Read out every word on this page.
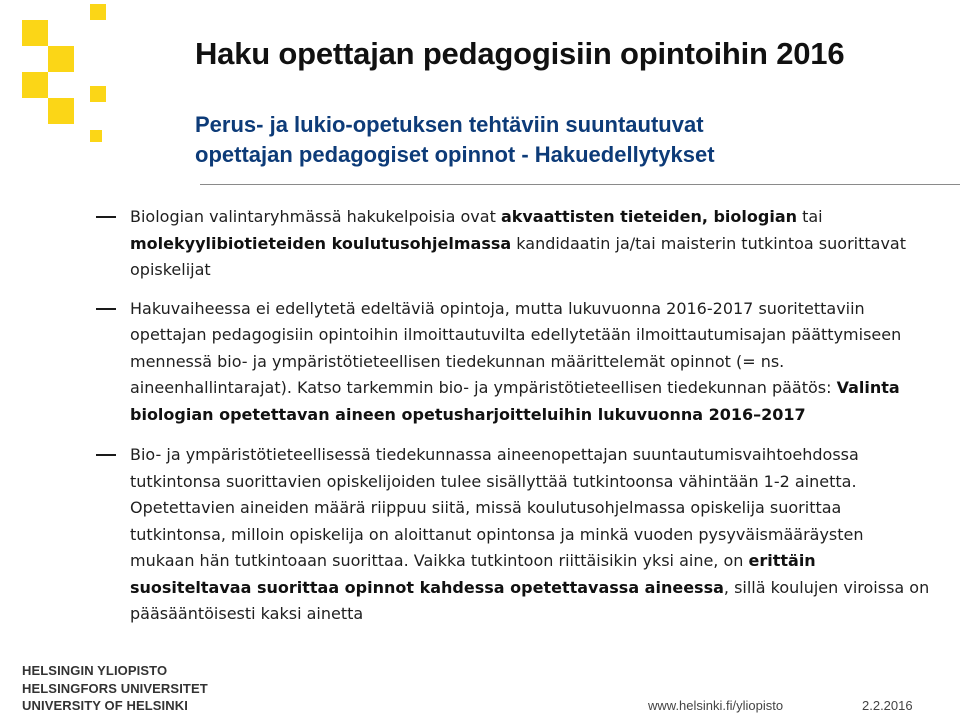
Haku opettajan pedagogisiin opintoihin 2016
Perus- ja lukio-opetuksen tehtäviin suuntautuvat
opettajan pedagogiset opinnot - Hakuedellytykset
Biologian valintaryhmässä hakukelpoisia ovat akvaattisten tieteiden, biologian tai molekyylibiotieteiden koulutusohjelmassa kandidaatin ja/tai maisterin tutkintoa suorittavat opiskelijat
Hakuvaiheessa ei edellytetä edeltäviä opintoja, mutta lukuvuonna 2016-2017 suoritettaviin opettajan pedagogisiin opintoihin ilmoittautuvilta edellytetään ilmoittautumisajan päättymiseen mennessä bio- ja ympäristötieteellisen tiedekunnan määrittelemät opinnot (= ns. aineenhallintarajat). Katso tarkemmin bio- ja ympäristötieteellisen tiedekunnan päätös: Valinta biologian opetettavan aineen opetusharjoitteluihin lukuvuonna 2016–2017
Bio- ja ympäristötieteellisessä tiedekunnassa aineenopettajan suuntautumisvaihtoehdossa tutkintonsa suorittavien opiskelijoiden tulee sisällyttää tutkintoonsa vähintään 1-2 ainetta. Opetettavien aineiden määrä riippuu siitä, missä koulutusohjelmassa opiskelija suorittaa tutkintonsa, milloin opiskelija on aloittanut opintonsa ja minkä vuoden pysyväismääräysten mukaan hän tutkintoaan suorittaa. Vaikka tutkintoon riittäisikin yksi aine, on erittäin suositeltavaa suorittaa opinnot kahdessa opetettavassa aineessa, sillä koulujen viroissa on pääsääntöisesti kaksi ainetta
HELSINGIN YLIOPISTO
HELSINGFORS UNIVERSITET
UNIVERSITY OF HELSINKI	www.helsinki.fi/yliopisto	2.2.2016
